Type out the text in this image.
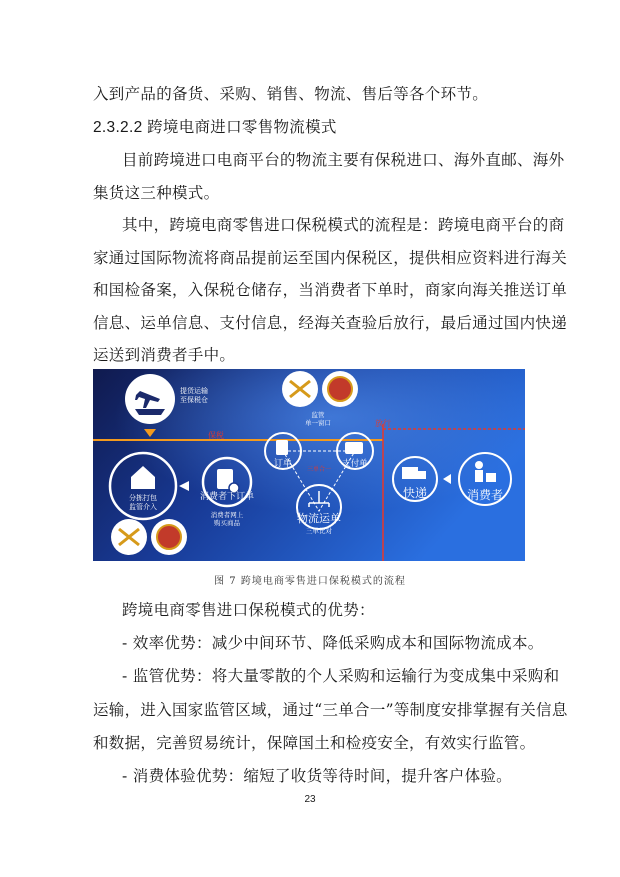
入到产品的备货、采购、销售、物流、售后等各个环节。
2.3.2.2 跨境电商进口零售物流模式
目前跨境进口电商平台的物流主要有保税进口、海外直邮、海外
集货这三种模式。
其中，跨境电商零售进口保税模式的流程是：跨境电商平台的商
家通过国际物流将商品提前运至国内保税区，提供相应资料进行海关
和国检备案，入保税仓储存，当消费者下单时，商家向海关推送订单
信息、运单信息、支付信息，经海关查验后放行，最后通过国内快递
运送到消费者手中。
保税
放行
提货运输
至保税仓
监管
单一窗口
分拣打包
监管介入
消费者下订单
消费者网上
购买商品
三单合一
订单	支付单
物流运单
三单比对
快递	消费者
图 7 跨境电商零售进口保税模式的流程
跨境电商零售进口保税模式的优势：
- 效率优势：减少中间环节、降低采购成本和国际物流成本。
- 监管优势：将大量零散的个人采购和运输行为变成集中采购和
运输，进入国家监管区域，通过“三单合一”等制度安排掌握有关信息
和数据，完善贸易统计，保障国土和检疫安全，有效实行监管。
- 消费体验优势：缩短了收货等待时间，提升客户体验。
23
